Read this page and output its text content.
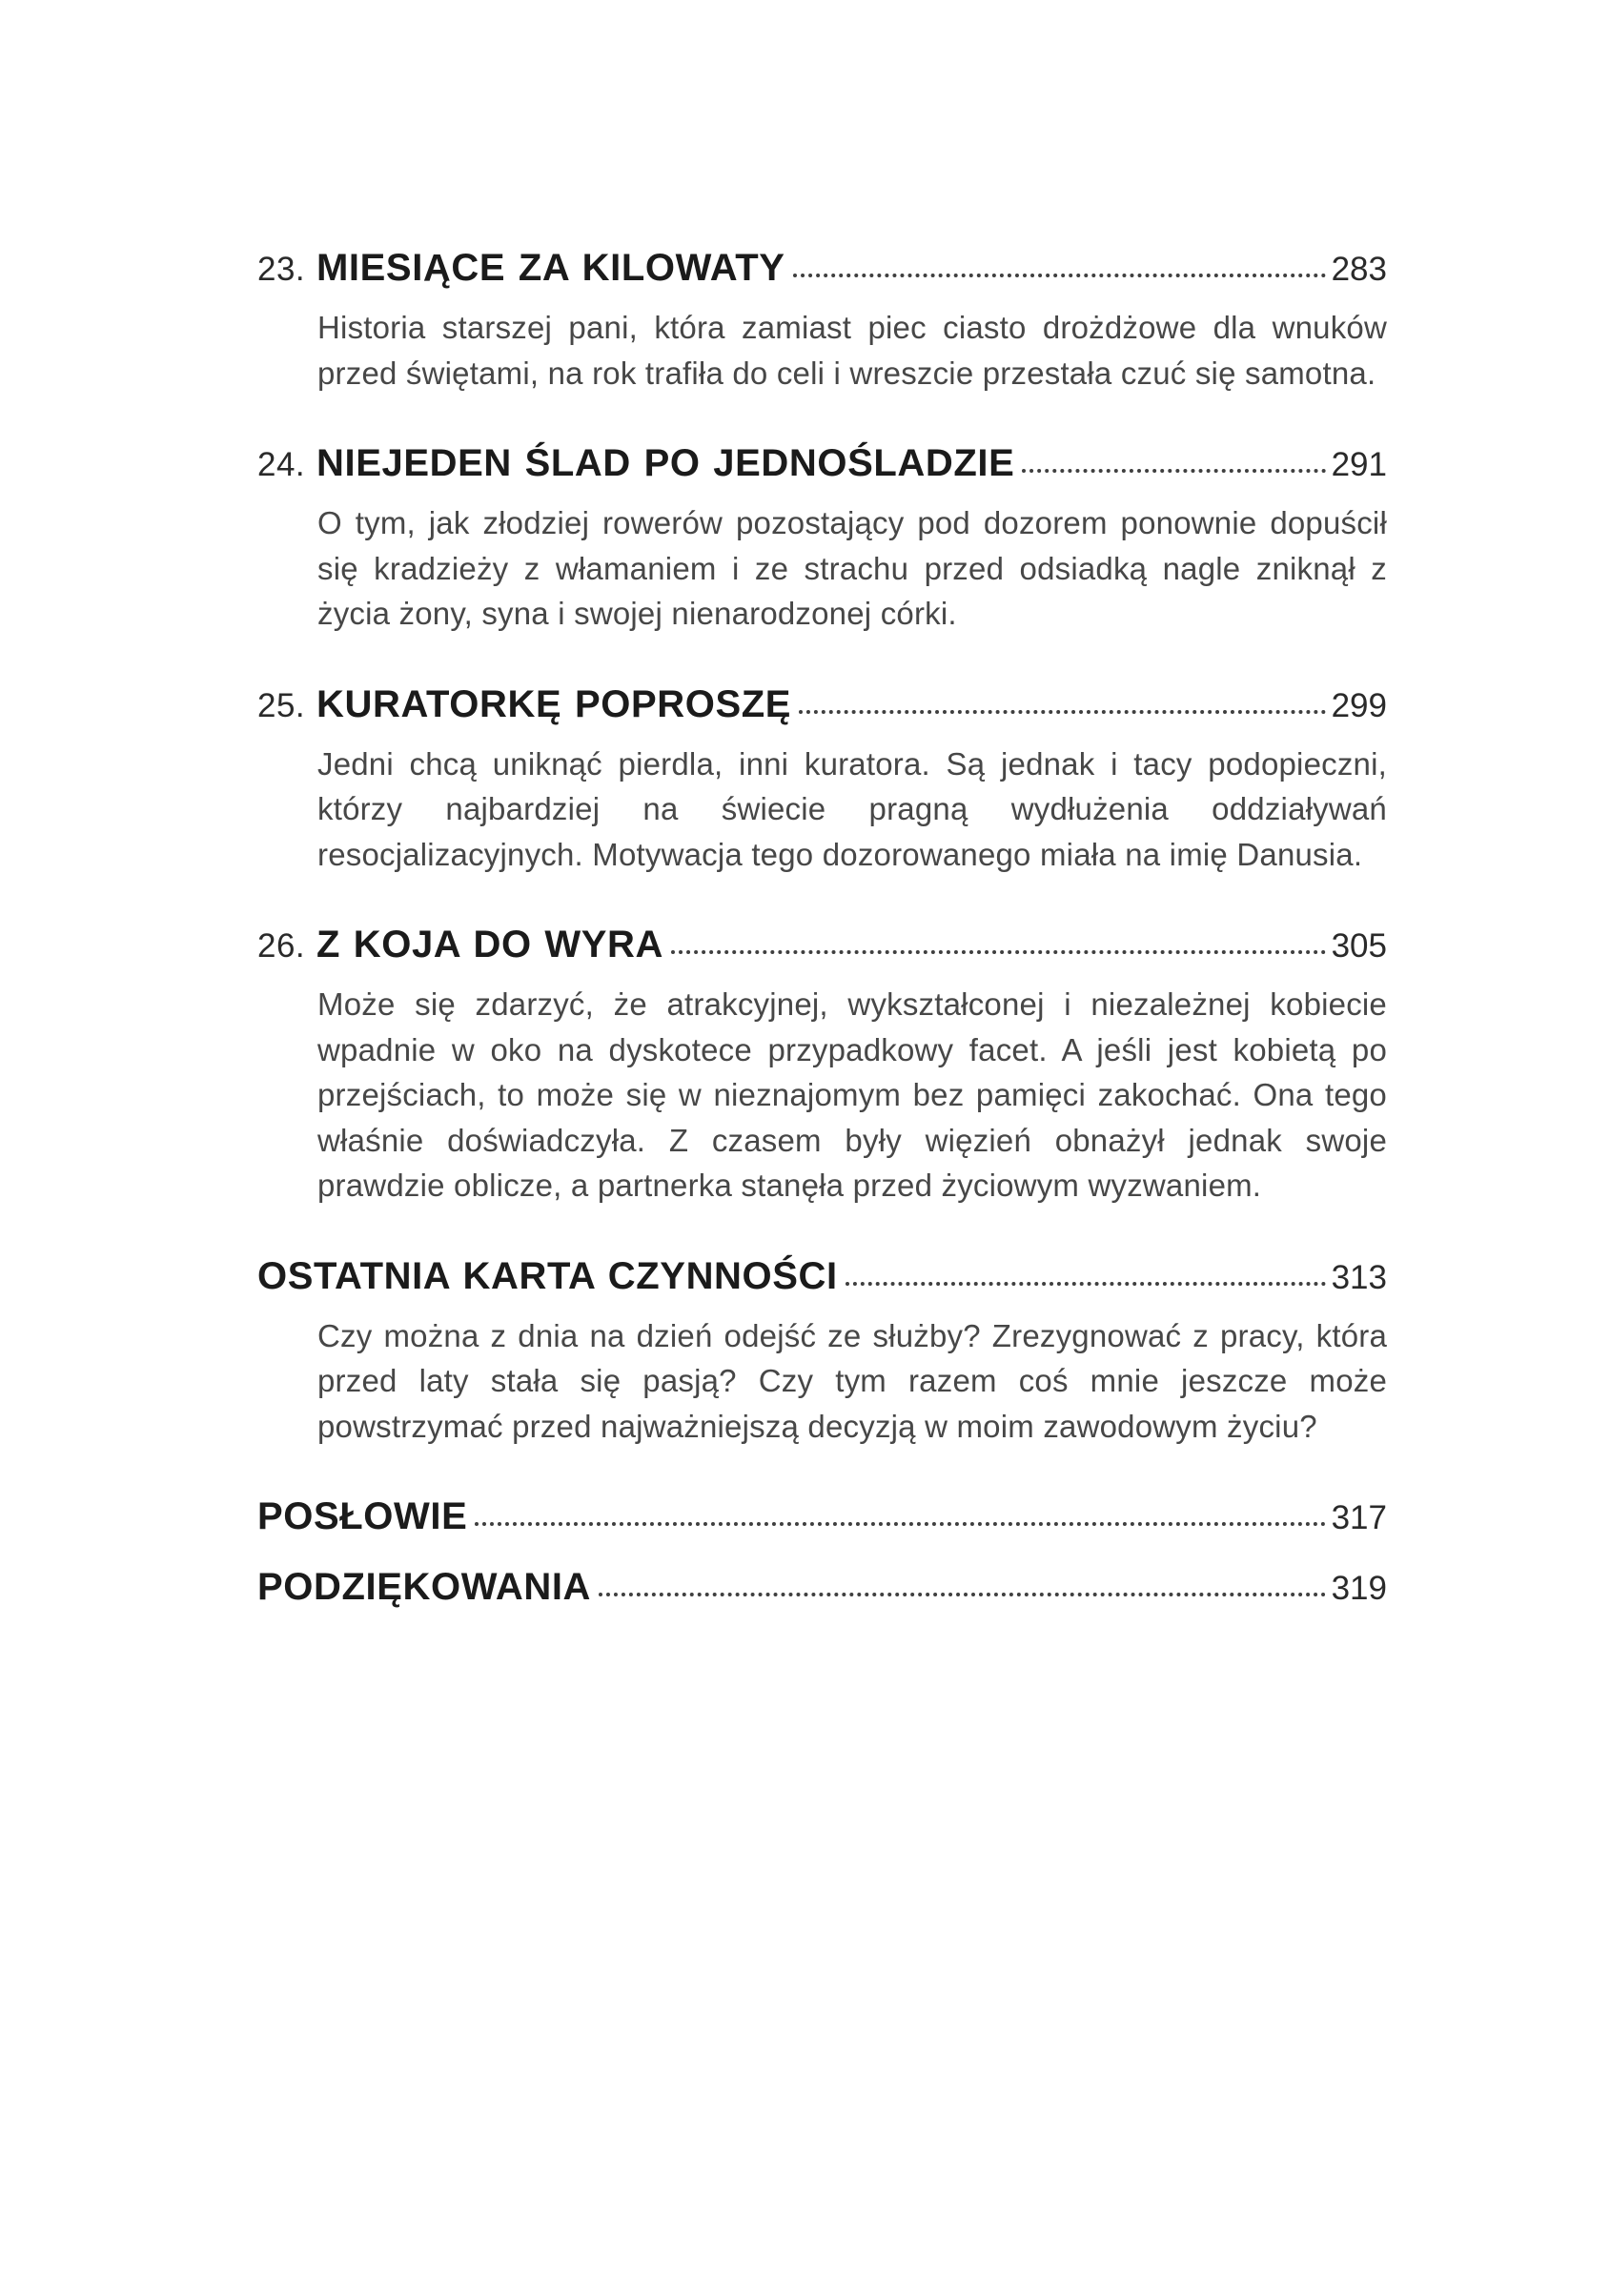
23. MIESIĄCE ZA KILOWATY	283

Historia starszej pani, która zamiast piec ciasto drożdżowe dla wnuków przed świętami, na rok trafiła do celi i wreszcie przestała czuć się samotna.

24. NIEJEDEN ŚLAD PO JEDNOŚLADZIE	291

O tym, jak złodziej rowerów pozostający pod dozorem ponownie dopuścił się kradzieży z włamaniem i ze strachu przed odsiadką nagle zniknął z życia żony, syna i swojej nienarodzonej córki.

25. KURATORKĘ POPROSZĘ	299

Jedni chcą uniknąć pierdla, inni kuratora. Są jednak i tacy podopieczni, którzy najbardziej na świecie pragną wydłużenia oddziaływań resocjalizacyjnych. Motywacja tego dozorowanego miała na imię Danusia.

26. Z KOJA DO WYRA	305

Może się zdarzyć, że atrakcyjnej, wykształconej i niezależnej kobiecie wpadnie w oko na dyskotece przypadkowy facet. A jeśli jest kobietą po przejściach, to może się w nieznajomym bez pamięci zakochać. Ona tego właśnie doświadczyła. Z czasem były więzień obnażył jednak swoje prawdzie oblicze, a partnerka stanęła przed życiowym wyzwaniem.

OSTATNIA KARTA CZYNNOŚCI	313

Czy można z dnia na dzień odejść ze służby? Zrezygnować z pracy, która przed laty stała się pasją? Czy tym razem coś mnie jeszcze może powstrzymać przed najważniejszą decyzją w moim zawodowym życiu?

POSŁOWIE	317
PODZIĘKOWANIA	319
